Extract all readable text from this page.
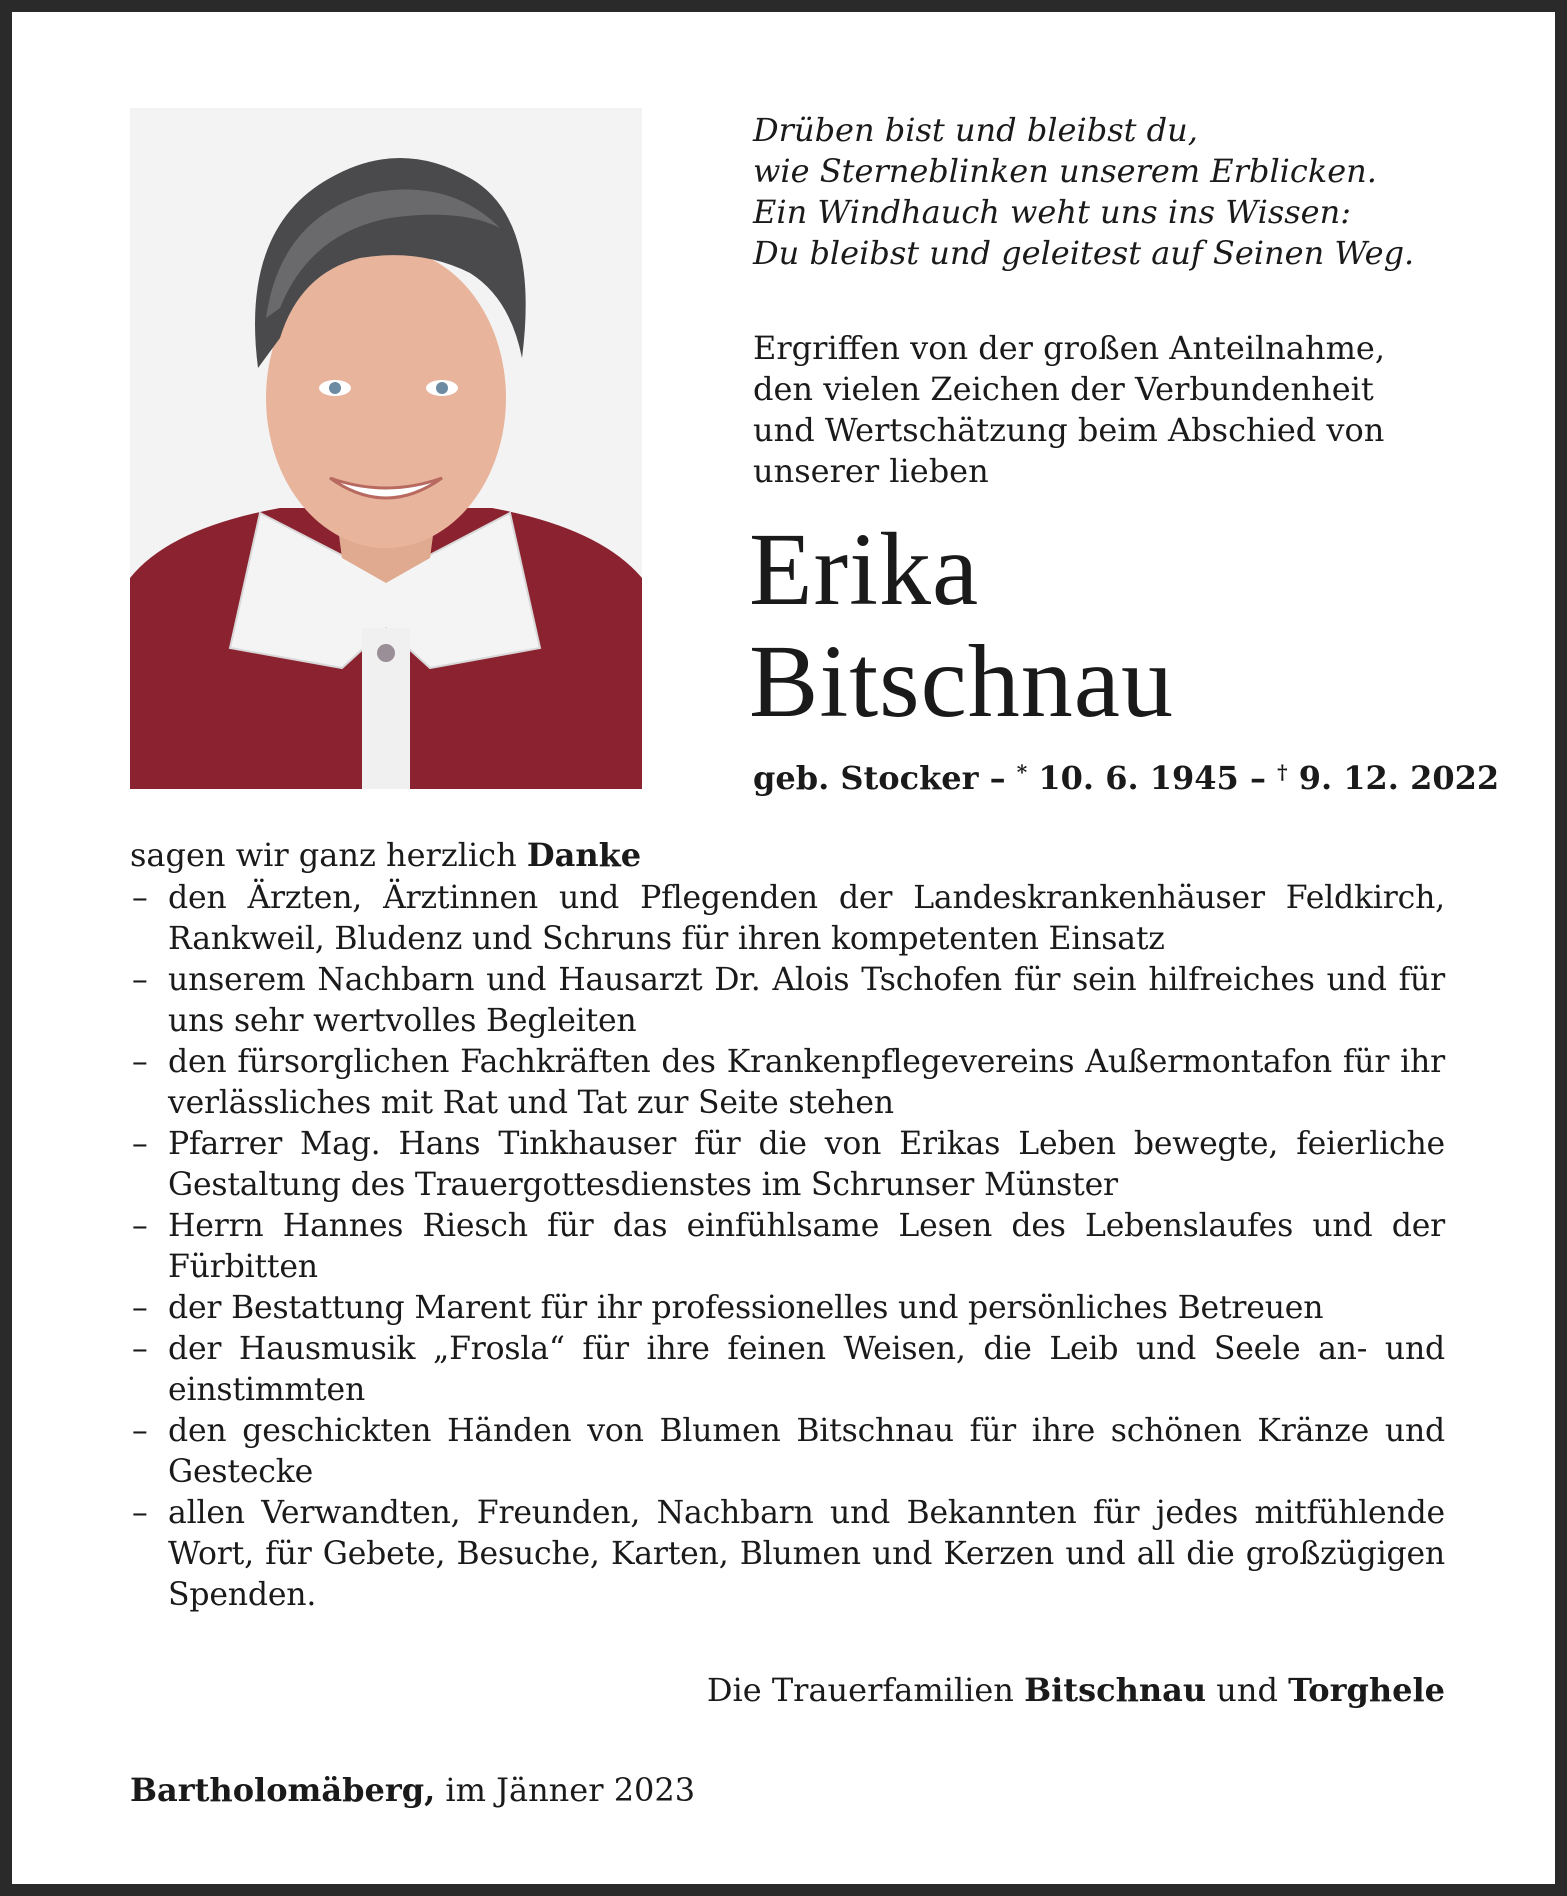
Drüben bist und bleibst du,
wie Sterneblinken unserem Erblicken.
Ein Windhauch weht uns ins Wissen:
Du bleibst und geleitest auf Seinen Weg.
Ergriffen von der großen Anteilnahme,
den vielen Zeichen der Verbundenheit
und Wertschätzung beim Abschied von
unserer lieben
Erika
Bitschnau
geb. Stocker – * 10. 6. 1945 – † 9. 12. 2022
sagen wir ganz herzlich Danke
– den Ärzten, Ärztinnen und Pflegenden der Landeskrankenhäuser Feldkirch, Rankweil, Bludenz und Schruns für ihren kompetenten Einsatz
– unserem Nachbarn und Hausarzt Dr. Alois Tschofen für sein hilfreiches und für uns sehr wertvolles Begleiten
– den fürsorglichen Fachkräften des Krankenpflegevereins Außermontafon für ihr verlässliches mit Rat und Tat zur Seite stehen
– Pfarrer Mag. Hans Tinkhauser für die von Erikas Leben bewegte, feierliche Gestaltung des Trauergottesdienstes im Schrunser Münster
– Herrn Hannes Riesch für das einfühlsame Lesen des Lebenslaufes und der Fürbitten
– der Bestattung Marent für ihr professionelles und persönliches Betreuen
– der Hausmusik „Frosla“ für ihre feinen Weisen, die Leib und Seele an- und einstimmten
– den geschickten Händen von Blumen Bitschnau für ihre schönen Kränze und Gestecke
– allen Verwandten, Freunden, Nachbarn und Bekannten für jedes mitfühlende Wort, für Gebete, Besuche, Karten, Blumen und Kerzen und all die großzügigen Spenden.
Die Trauerfamilien Bitschnau und Torghele
Bartholomäberg, im Jänner 2023
